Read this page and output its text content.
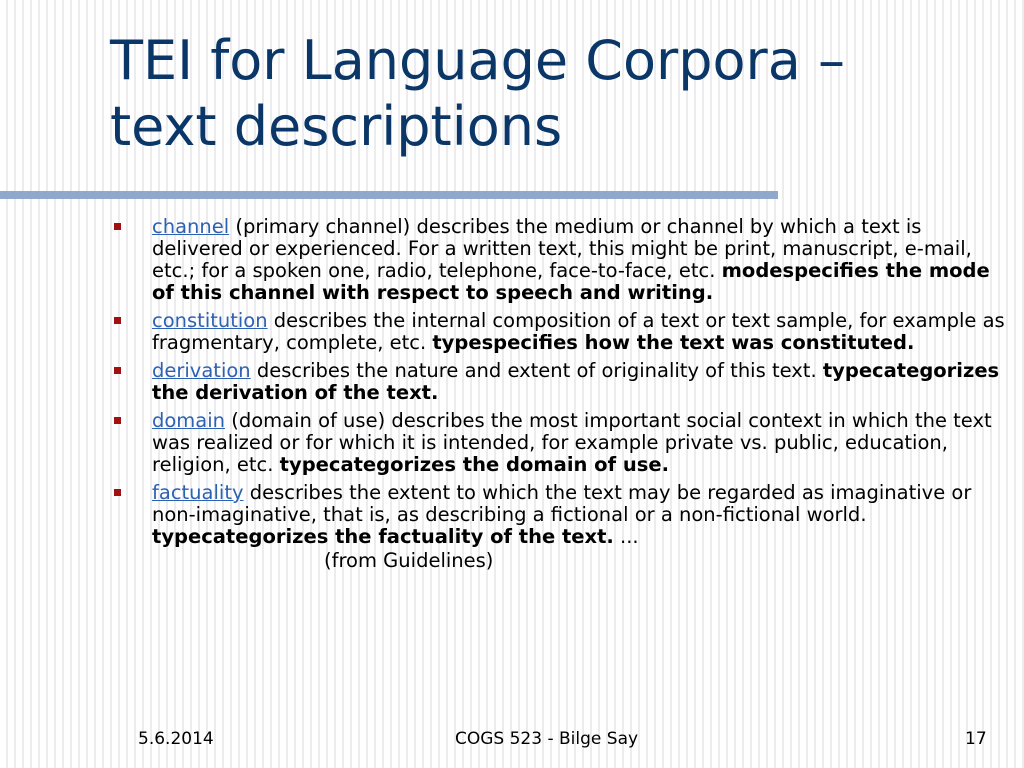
TEI for Language Corpora –
text descriptions
channel (primary channel) describes the medium or channel by which a text is delivered or experienced. For a written text, this might be print, manuscript, e-mail, etc.; for a spoken one, radio, telephone, face-to-face, etc. modespecifies the mode of this channel with respect to speech and writing.
constitution describes the internal composition of a text or text sample, for example as fragmentary, complete, etc. typespecifies how the text was constituted.
derivation describes the nature and extent of originality of this text. typecategorizes the derivation of the text.
domain (domain of use) describes the most important social context in which the text was realized or for which it is intended, for example private vs. public, education, religion, etc. typecategorizes the domain of use.
factuality describes the extent to which the text may be regarded as imaginative or non-imaginative, that is, as describing a fictional or a non-fictional world. typecategorizes the factuality of the text. ...
(from Guidelines)
5.6.2014	COGS 523 - Bilge Say	17
